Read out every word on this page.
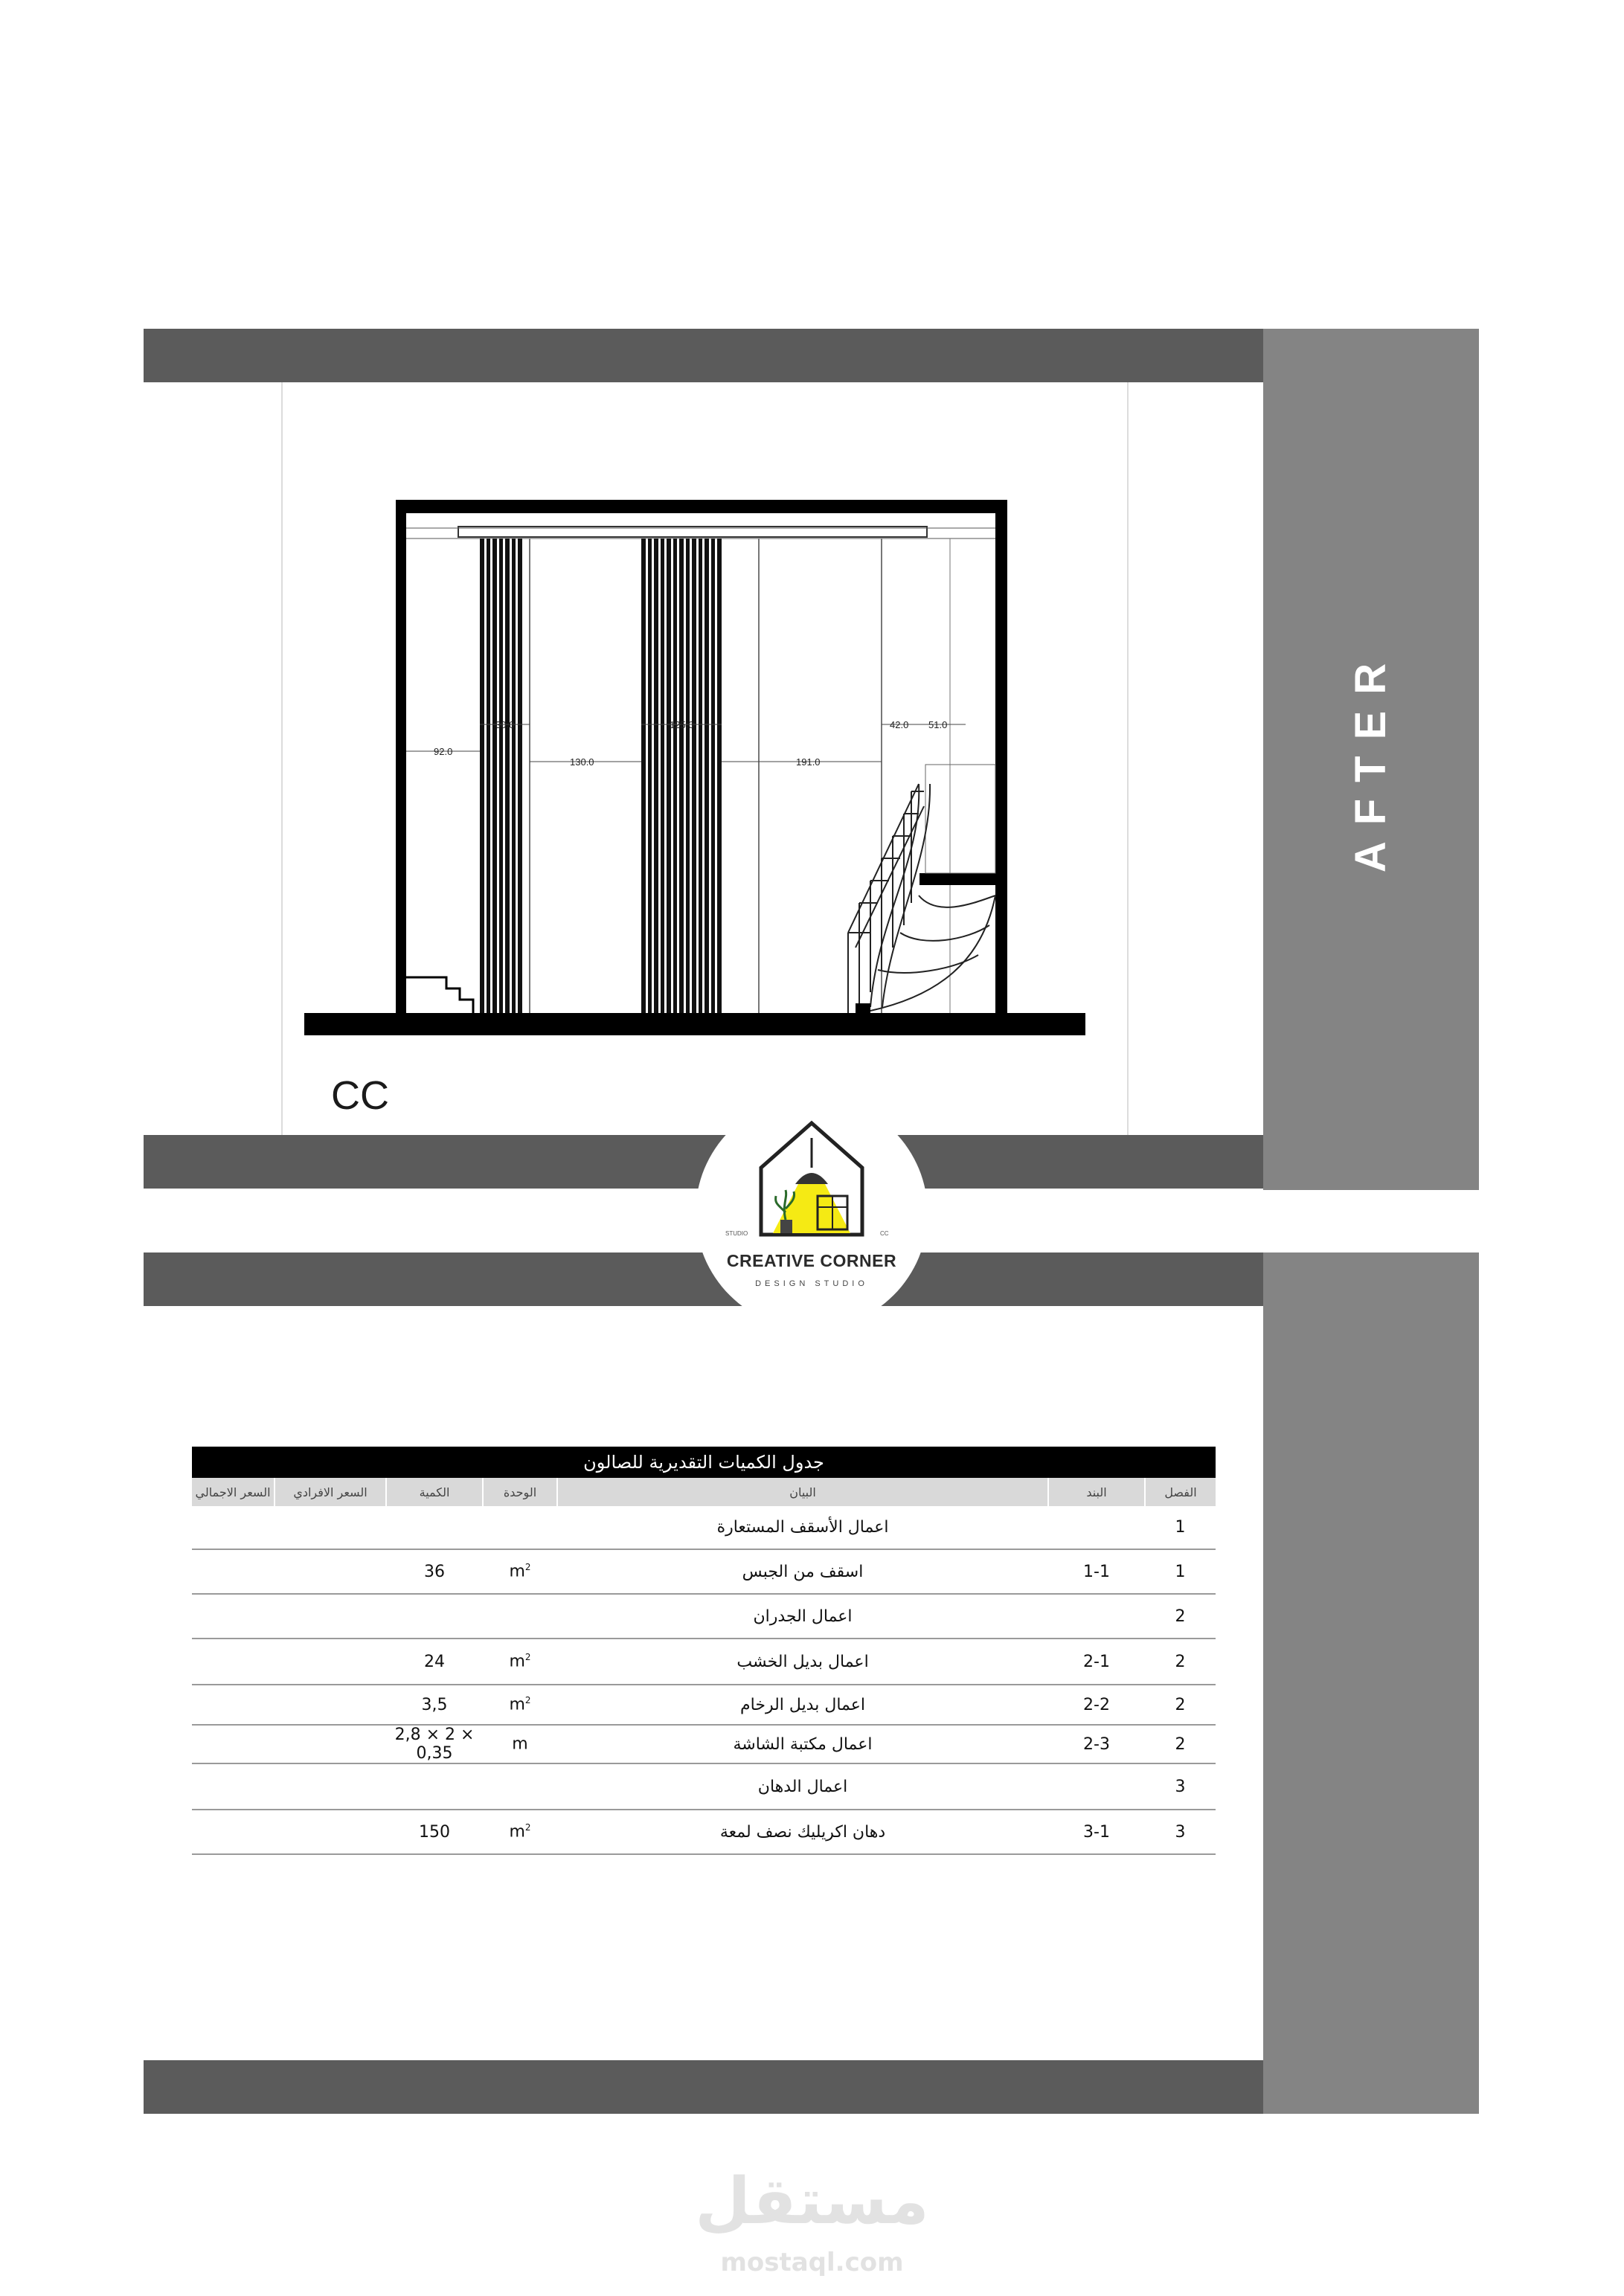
AFTER
92.0
30.0
130.0
125.0
191.0
42.0 51.0
CC
STUDIO	CC
CREATIVE CORNER
DESIGN STUDIO
جدول الكميات التقديرية للصالون						
الفصل	البند	البيان	الوحدة	الكمية	السعر الافرادي	السعر الاجمالي
1		اعمال الأسقف المستعارة				
1	1-1	اسقف من الجبس	$m^2$	36		
2		اعمال الجدران				
2	2-1	اعمال بديل الخشب	$m^2$	24		
2	2-2	اعمال بديل الرخام	$m^2$	3,5		
2	2-3	اعمال مكتبة الشاشة	m	2,8 × 2 × 0,35		
3		اعمال الدهان				
3	3-1	دهان اكريليك نصف لمعة	$m^2$	150		
مستقل
mostaql.com
